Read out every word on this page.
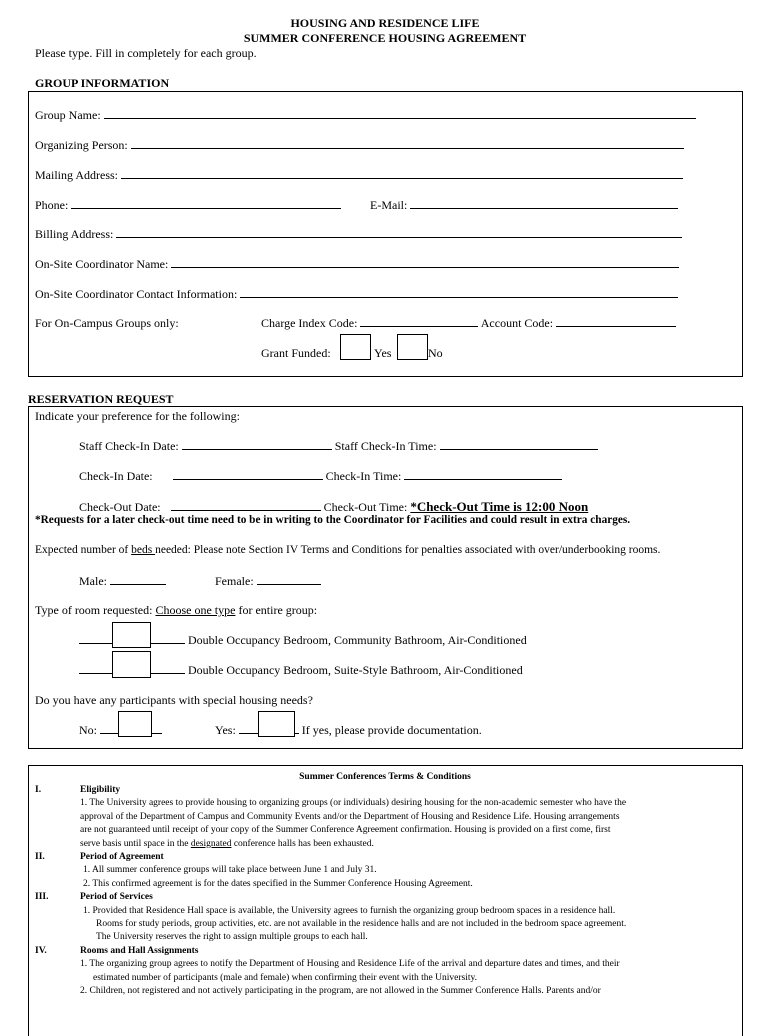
HOUSING AND RESIDENCE LIFE
SUMMER CONFERENCE HOUSING AGREEMENT
Please type. Fill in completely for each group.
GROUP INFORMATION
Group Name:
Organizing Person:
Mailing Address:
Phone:	E-Mail:
Billing Address:
On-Site Coordinator Name:
On-Site Coordinator Contact Information:
For On-Campus Groups only:	Charge Index Code:	Account Code:
Grant Funded:	Yes	No
RESERVATION REQUEST
Indicate your preference for the following:
Staff Check-In Date:	Staff Check-In Time:
Check-In Date:	Check-In Time:
Check-Out Date:	Check-Out Time: *Check-Out Time is 12:00 Noon
*Requests for a later check-out time need to be in writing to the Coordinator for Facilities and could result in extra charges.
Expected number of beds needed: Please note Section IV Terms and Conditions for penalties associated with over/underbooking rooms.
Male:	Female:
Type of room requested: Choose one type for entire group:
Double Occupancy Bedroom, Community Bathroom, Air-Conditioned
Double Occupancy Bedroom, Suite-Style Bathroom, Air-Conditioned
Do you have any participants with special housing needs?
No:	Yes:	If yes, please provide documentation.
Summer Conferences Terms & Conditions
I.	Eligibility
1. The University agrees to provide housing to organizing groups (or individuals) desiring housing for the non-academic semester who have the
approval of the Department of Campus and Community Events and/or the Department of Housing and Residence Life. Housing arrangements
are not guaranteed until receipt of your copy of the Summer Conference Agreement confirmation. Housing is provided on a first come, first
serve basis until space in the designated conference halls has been exhausted.
II.	Period of Agreement
1. All summer conference groups will take place between June 1 and July 31.
2. This confirmed agreement is for the dates specified in the Summer Conference Housing Agreement.
III.	Period of Services
1. Provided that Residence Hall space is available, the University agrees to furnish the organizing group bedroom spaces in a residence hall.
Rooms for study periods, group activities, etc. are not available in the residence halls and are not included in the bedroom space agreement.
The University reserves the right to assign multiple groups to each hall.
IV.	Rooms and Hall Assignments
1. The organizing group agrees to notify the Department of Housing and Residence Life of the arrival and departure dates and times, and their
estimated number of participants (male and female) when confirming their event with the University.
2. Children, not registered and not actively participating in the program, are not allowed in the Summer Conference Halls. Parents and/or
